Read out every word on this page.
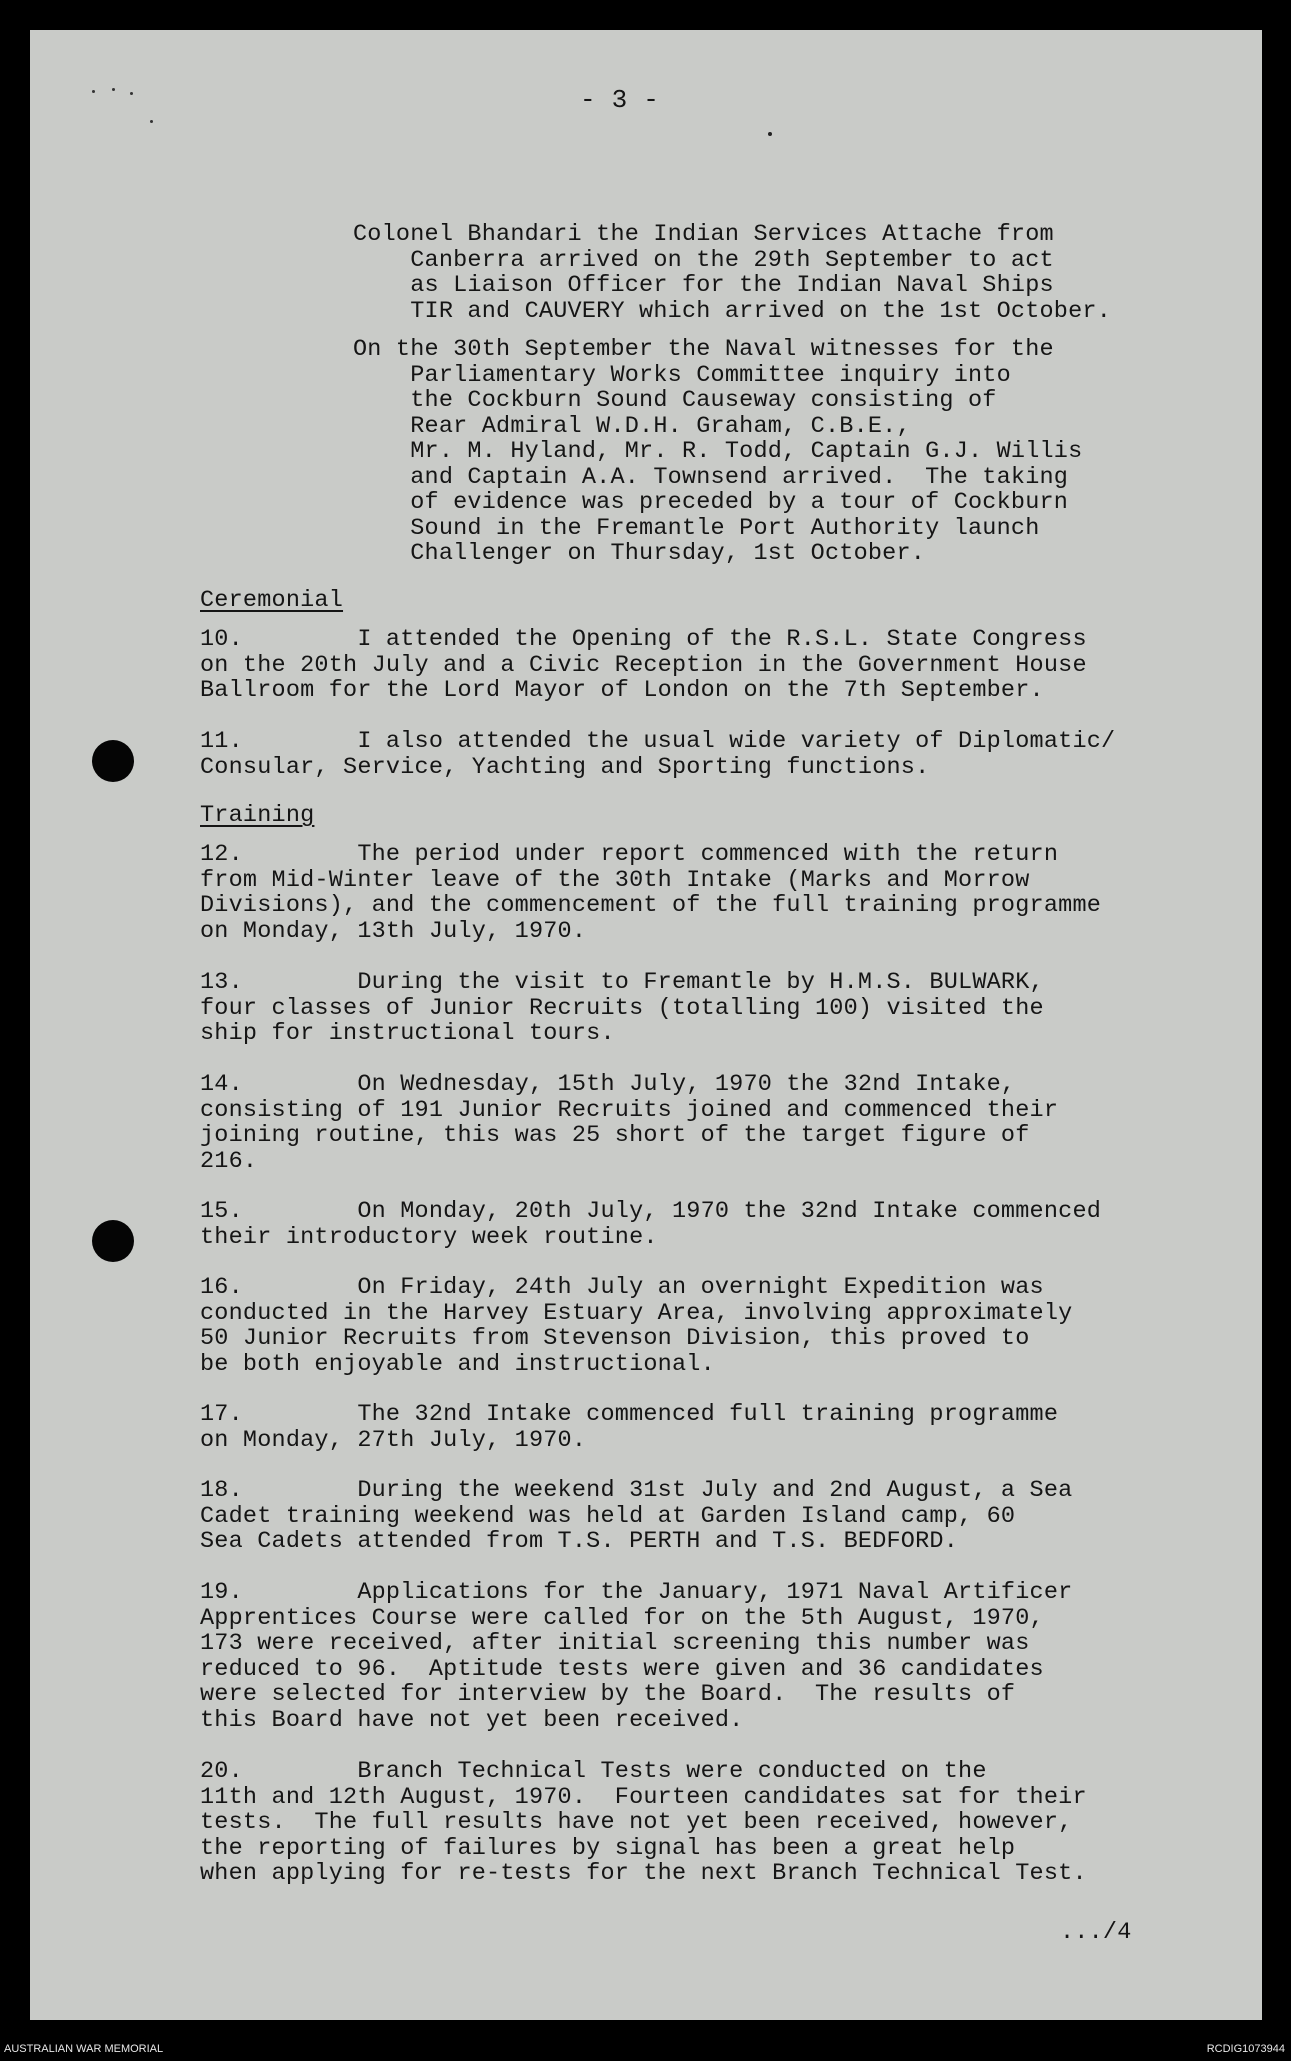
- 3 -
Colonel Bhandari the Indian Services Attache from
Canberra arrived on the 29th September to act
as Liaison Officer for the Indian Naval Ships
TIR and CAUVERY which arrived on the 1st October.
On the 30th September the Naval witnesses for the
Parliamentary Works Committee inquiry into
the Cockburn Sound Causeway consisting of
Rear Admiral W.D.H. Graham, C.B.E.,
Mr. M. Hyland, Mr. R. Todd, Captain G.J. Willis
and Captain A.A. Townsend arrived.  The taking
of evidence was preceded by a tour of Cockburn
Sound in the Fremantle Port Authority launch
Challenger on Thursday, 1st October.
Ceremonial
10.        I attended the Opening of the R.S.L. State Congress
on the 20th July and a Civic Reception in the Government House
Ballroom for the Lord Mayor of London on the 7th September.
11.        I also attended the usual wide variety of Diplomatic/
Consular, Service, Yachting and Sporting functions.
Training
12.        The period under report commenced with the return
from Mid-Winter leave of the 30th Intake (Marks and Morrow
Divisions), and the commencement of the full training programme
on Monday, 13th July, 1970.
13.        During the visit to Fremantle by H.M.S. BULWARK,
four classes of Junior Recruits (totalling 100) visited the
ship for instructional tours.
14.        On Wednesday, 15th July, 1970 the 32nd Intake,
consisting of 191 Junior Recruits joined and commenced their
joining routine, this was 25 short of the target figure of
216.
15.        On Monday, 20th July, 1970 the 32nd Intake commenced
their introductory week routine.
16.        On Friday, 24th July an overnight Expedition was
conducted in the Harvey Estuary Area, involving approximately
50 Junior Recruits from Stevenson Division, this proved to
be both enjoyable and instructional.
17.        The 32nd Intake commenced full training programme
on Monday, 27th July, 1970.
18.        During the weekend 31st July and 2nd August, a Sea
Cadet training weekend was held at Garden Island camp, 60
Sea Cadets attended from T.S. PERTH and T.S. BEDFORD.
19.        Applications for the January, 1971 Naval Artificer
Apprentices Course were called for on the 5th August, 1970,
173 were received, after initial screening this number was
reduced to 96.  Aptitude tests were given and 36 candidates
were selected for interview by the Board.  The results of
this Board have not yet been received.
20.        Branch Technical Tests were conducted on the
11th and 12th August, 1970.  Fourteen candidates sat for their
tests.  The full results have not yet been received, however,
the reporting of failures by signal has been a great help
when applying for re-tests for the next Branch Technical Test.
.../4
AUSTRALIAN WAR MEMORIAL	RCDIG1073944
